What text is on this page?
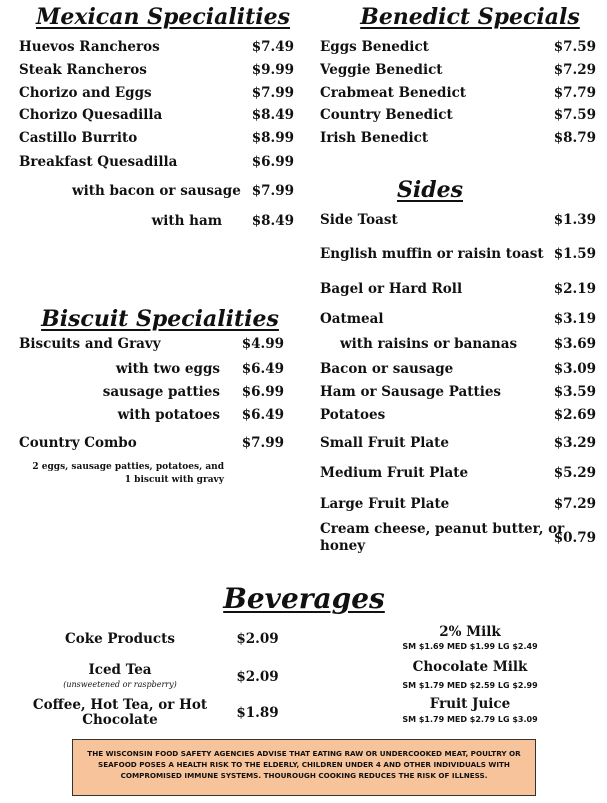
Mexican Specialities
Huevos Rancheros	$7.49
Steak Rancheros	$9.99
Chorizo and Eggs	$7.99
Chorizo Quesadilla	$8.49
Castillo Burrito	$8.99
Breakfast Quesadilla	$6.99
with bacon or sausage $7.99
with ham	$8.49
Biscuit Specialities
Biscuits and Gravy	$4.99
with two eggs	$6.49
sausage patties	$6.99
with potatoes	$6.49
Country Combo	$7.99
2 eggs, sausage patties, potatoes, and
1 biscuit with gravy
Benedict Specials
Eggs Benedict	$7.59
Veggie Benedict	$7.29
Crabmeat Benedict	$7.79
Country Benedict	$7.59
Irish Benedict	$8.79
Sides
Side Toast	$1.39
English muffin or raisin toast $1.59
Bagel or Hard Roll	$2.19
Oatmeal	$3.19
with raisins or bananas	$3.69
Bacon or sausage	$3.09
Ham or Sausage Patties	$3.59
Potatoes	$2.69
Small Fruit Plate	$3.29
Medium Fruit Plate	$5.29
Large Fruit Plate	$7.29
Cream cheese, peanut butter, or
honey	$0.79
Beverages
Coke Products	$2.09
Iced Tea
(unsweetened or raspberry)	$2.09
Coffee, Hot Tea, or Hot
Chocolate	$1.89
2% Milk
SM $1.69 MED $1.99 LG $2.49
Chocolate Milk
SM $1.79 MED $2.59 LG $2.99
Fruit Juice
SM $1.79 MED $2.79 LG $3.09
THE WISCONSIN FOOD SAFETY AGENCIES ADVISE THAT EATING RAW OR UNDERCOOKED MEAT, POULTRY OR
SEAFOOD POSES A HEALTH RISK TO THE ELDERLY, CHILDREN UNDER 4 AND OTHER INDIVIDUALS WITH
COMPROMISED IMMUNE SYSTEMS. THOUROUGH COOKING REDUCES THE RISK OF ILLNESS.
